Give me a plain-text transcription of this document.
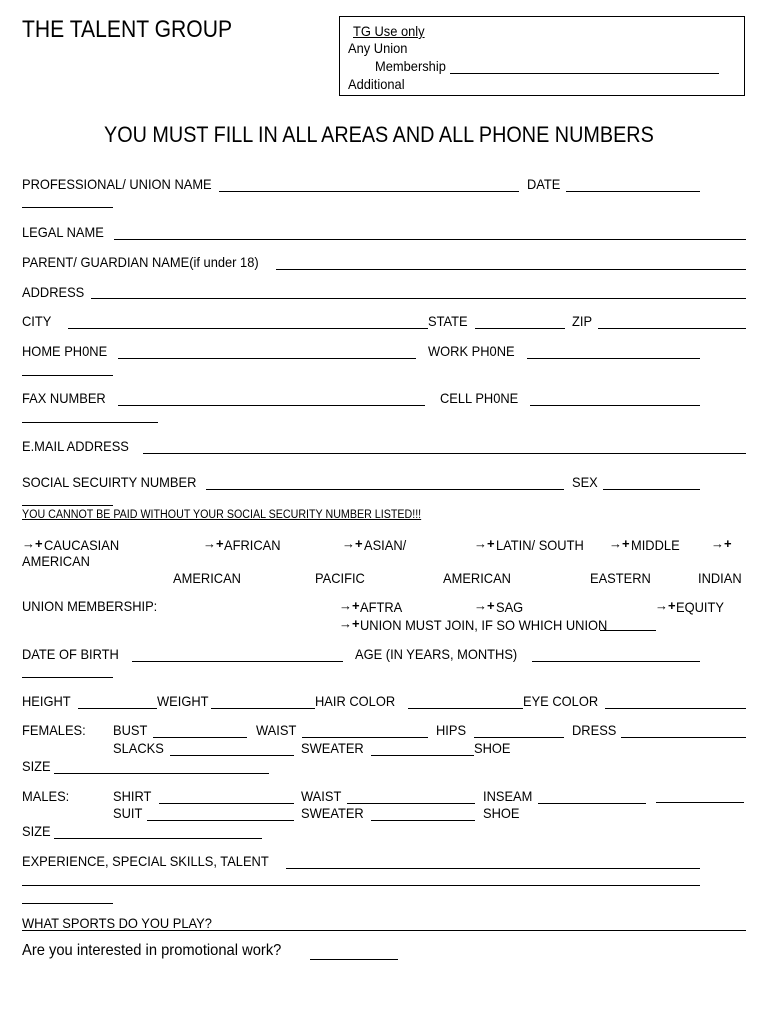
THE TALENT GROUP	TG Use only
Any Union
Membership
Additional
YOU MUST FILL IN ALL AREAS AND ALL PHONE NUMBERS
PROFESSIONAL/ UNION NAME	DATE
LEGAL NAME
PARENT/ GUARDIAN NAME(if under 18)
ADDRESS
CITY	STATE	ZIP
HOME PH0NE	WORK PH0NE
FAX NUMBER	CELL PH0NE
E.MAIL ADDRESS
SOCIAL SECUIRTY NUMBER	SEX
YOU CANNOT BE PAID WITHOUT YOUR SOCIAL SECURITY NUMBER LISTED!!!
→+ CAUCASIAN
AMERICAN
→+ AFRICAN
AMERICAN
→+ ASIAN/
PACIFIC
→+ LATIN/ SOUTH
AMERICAN
→+ MIDDLE
EASTERN
→+
INDIAN
UNION MEMBERSHIP:	→+ AFTRA	→+ SAG	→+ EQUITY
→+ UNION MUST JOIN, IF SO WHICH UNION
DATE OF BIRTH	AGE (IN YEARS, MONTHS)
HEIGHT	WEIGHT	HAIR COLOR	EYE COLOR
FEMALES: BUST	WAIST	HIPS	DRESS
SLACKS	SWEATER	SHOE
SIZE
MALES:	SHIRT	WAIST	INSEAM
SUIT	SWEATER	SHOE
SIZE
EXPERIENCE, SPECIAL SKILLS, TALENT
WHAT SPORTS DO YOU PLAY?
Are you interested in promotional work?
